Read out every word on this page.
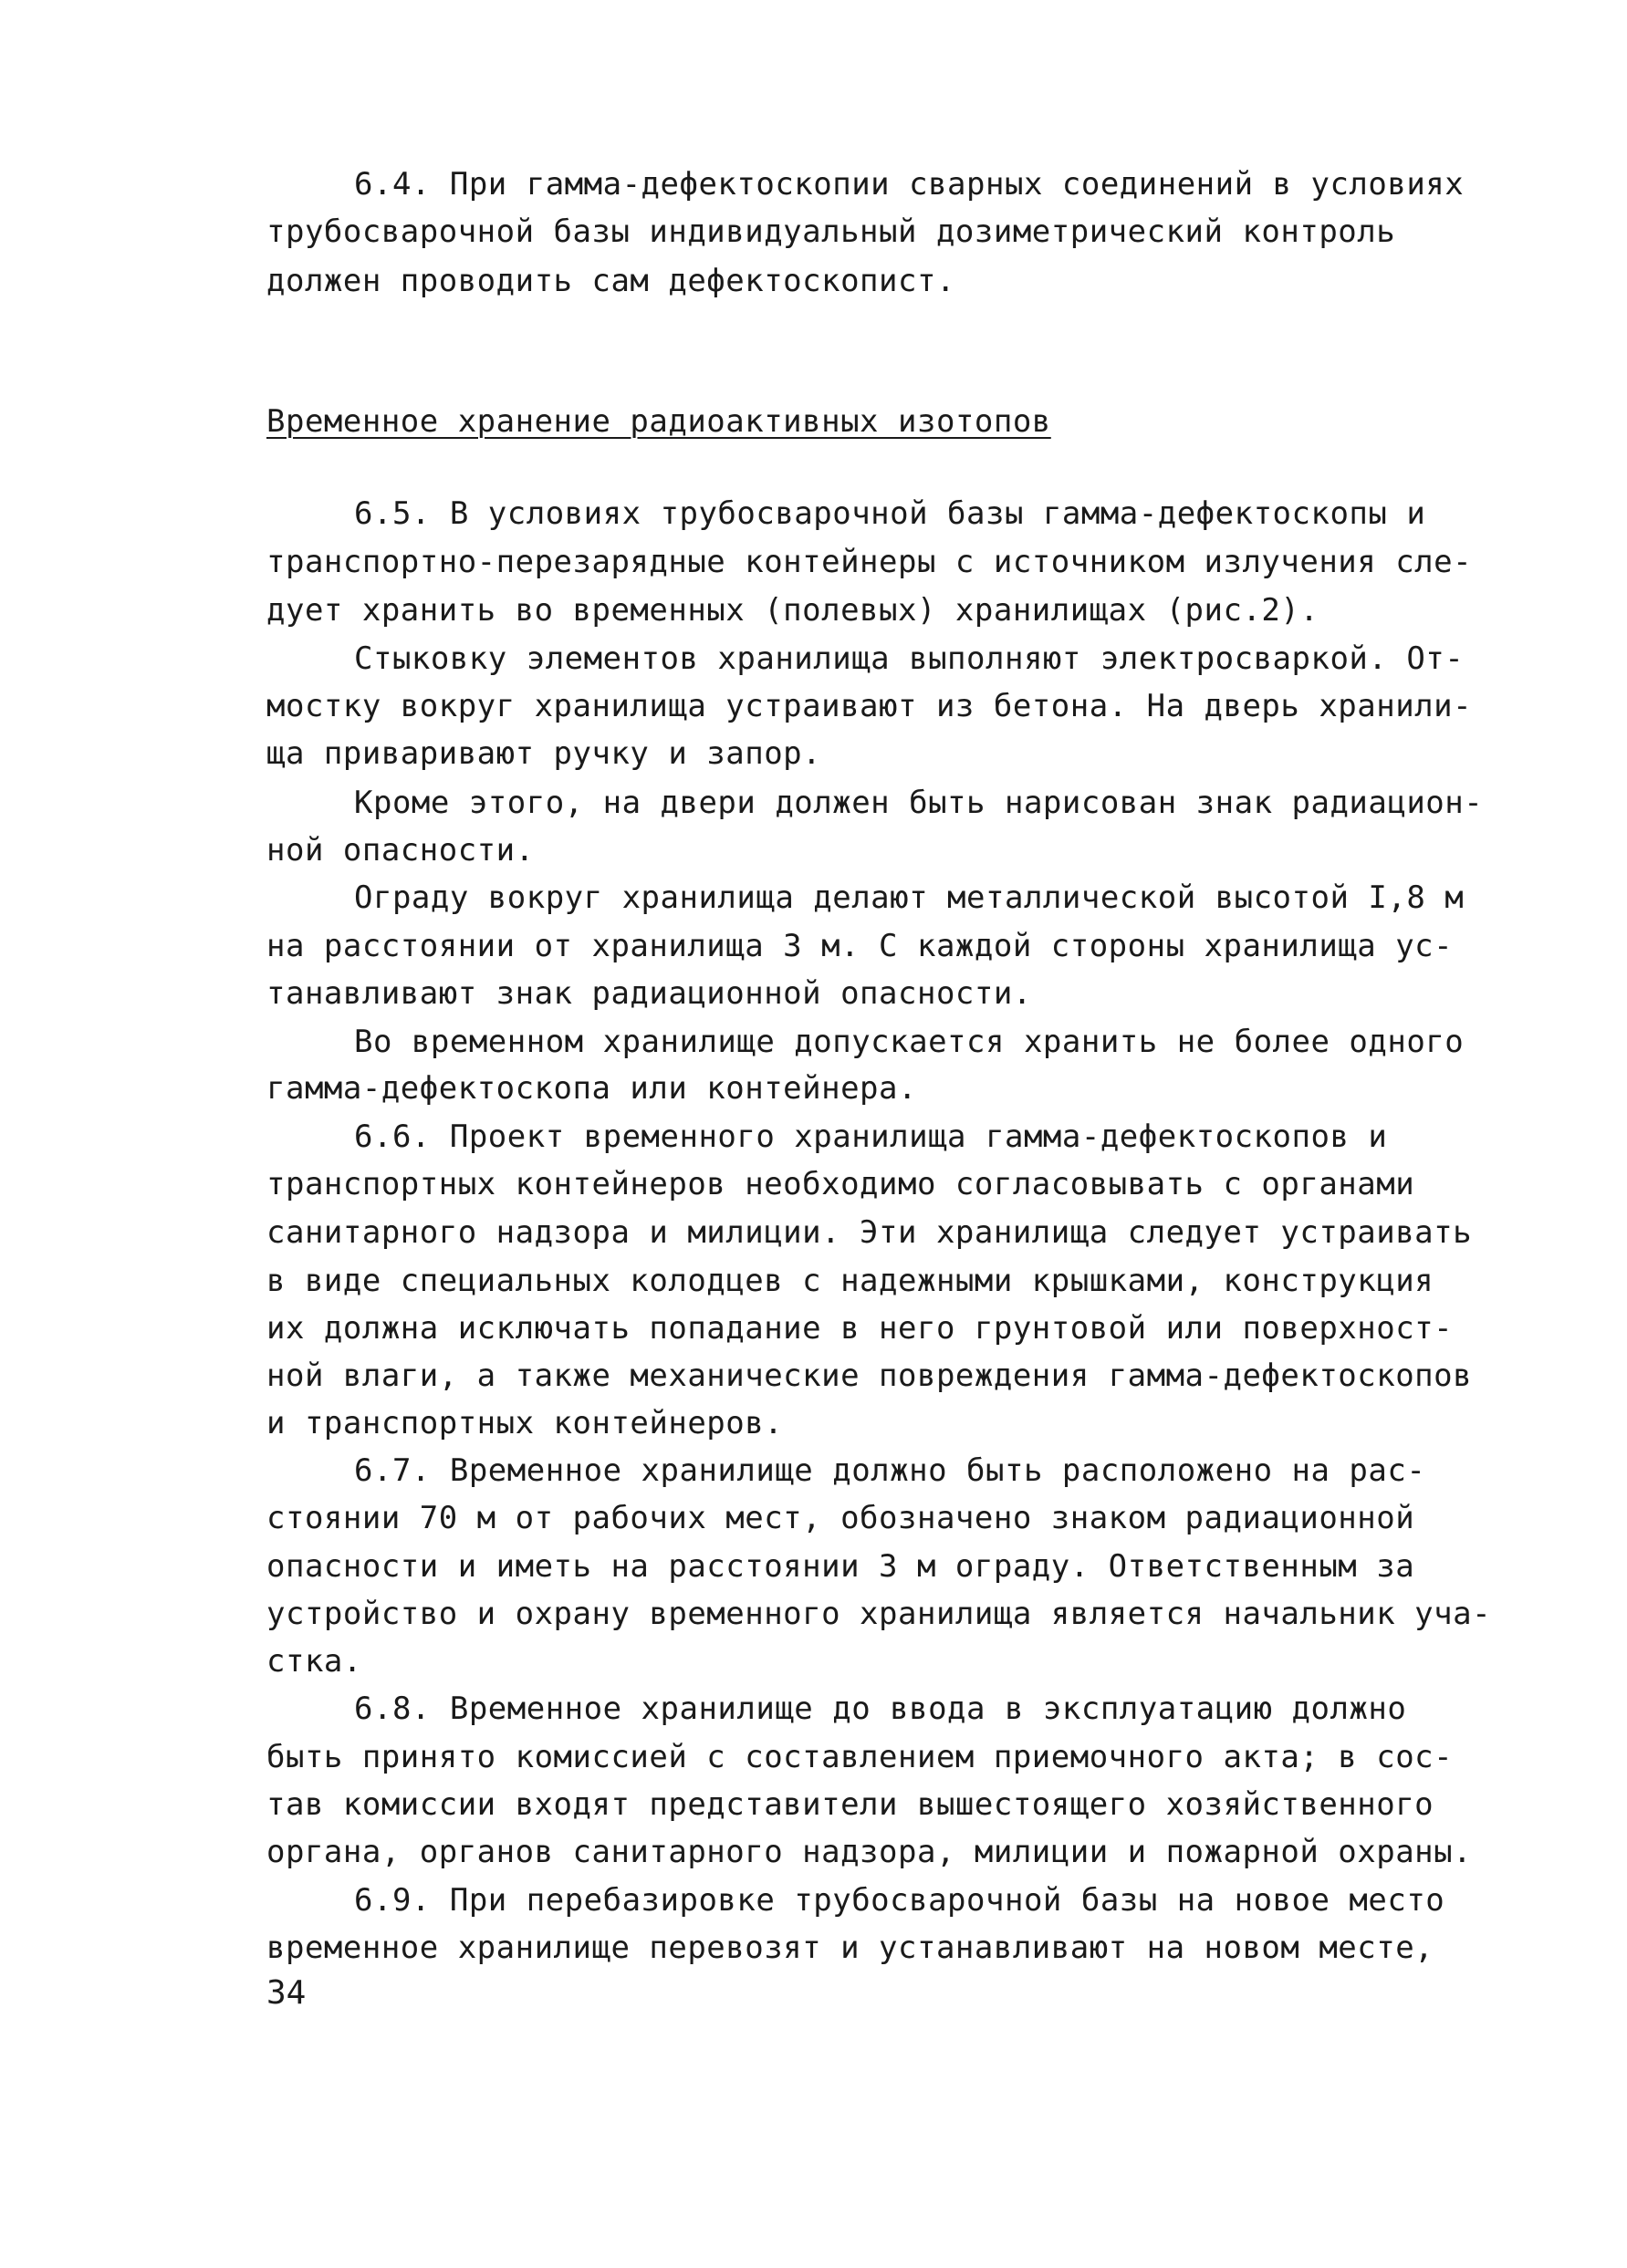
6.4. При гамма-дефектоскопии сварных соединений в условиях
трубосварочной базы индивидуальный дозиметрический контроль
должен проводить сам дефектоскопист.
Временное хранение радиоактивных изотопов
6.5. В условиях трубосварочной базы гамма-дефектоскопы и
транспортно-перезарядные контейнеры с источником излучения сле-
дует хранить во временных (полевых) хранилищах (рис.2).
Стыковку элементов хранилища выполняют электросваркой. От-
мостку вокруг хранилища устраивают из бетона. На дверь хранили-
ща приваривают ручку и запор.
Кроме этого, на двери должен быть нарисован знак радиацион-
ной опасности.
Ограду вокруг хранилища делают металлической высотой I,8 м
на расстоянии от хранилища 3 м. С каждой стороны хранилища ус-
танавливают знак радиационной опасности.
Во временном хранилище допускается хранить не более одного
гамма-дефектоскопа или контейнера.
6.6. Проект временного хранилища гамма-дефектоскопов и
транспортных контейнеров необходимо согласовывать с органами
санитарного надзора и милиции. Эти хранилища следует устраивать
в виде специальных колодцев с надежными крышками, конструкция
их должна исключать попадание в него грунтовой или поверхност-
ной влаги, а также механические повреждения гамма-дефектоскопов
и транспортных контейнеров.
6.7. Временное хранилище должно быть расположено на рас-
стоянии 70 м от рабочих мест, обозначено знаком радиационной
опасности и иметь на расстоянии 3 м ограду. Ответственным за
устройство и охрану временного хранилища является начальник уча-
стка.
6.8. Временное хранилище до ввода в эксплуатацию должно
быть принято комиссией с составлением приемочного акта; в сос-
тав комиссии входят представители вышестоящего хозяйственного
органа, органов санитарного надзора, милиции и пожарной охраны.
6.9. При перебазировке трубосварочной базы на новое место
временное хранилище перевозят и устанавливают на новом месте,
34
